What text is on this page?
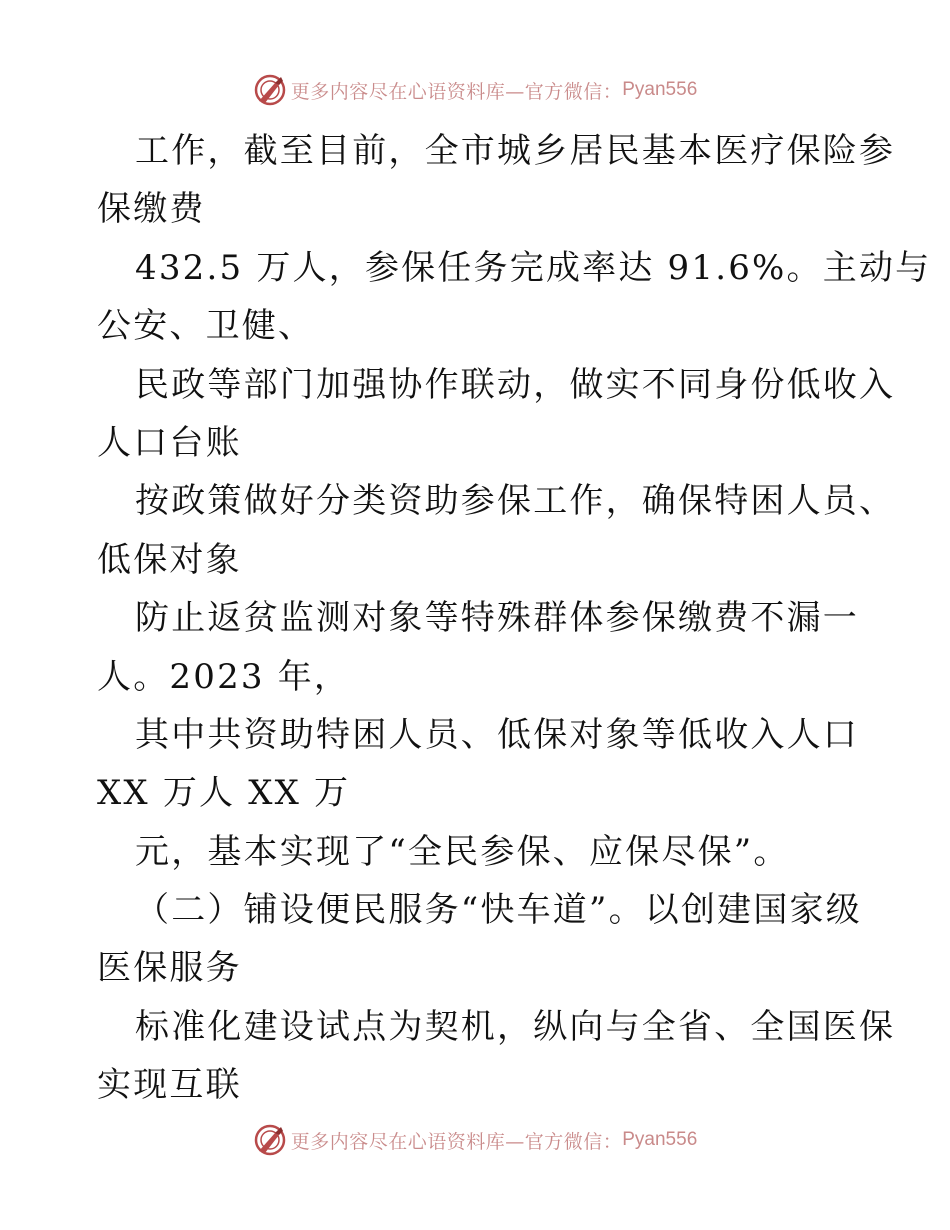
更多内容尽在心语资料库—官方微信： Pyan556
工作，截至目前，全市城乡居民基本医疗保险参
保缴费
432.5 万人，参保任务完成率达 91.6%。主动与
公安、卫健、
民政等部门加强协作联动，做实不同身份低收入
人口台账
按政策做好分类资助参保工作，确保特困人员、
低保对象
防止返贫监测对象等特殊群体参保缴费不漏一
人。2023 年，
其中共资助特困人员、低保对象等低收入人口
XX 万人 XX 万
元，基本实现了“全民参保、应保尽保”。
（二）铺设便民服务“快车道”。以创建国家级
医保服务
标准化建设试点为契机，纵向与全省、全国医保
实现互联
更多内容尽在心语资料库—官方微信： Pyan556
